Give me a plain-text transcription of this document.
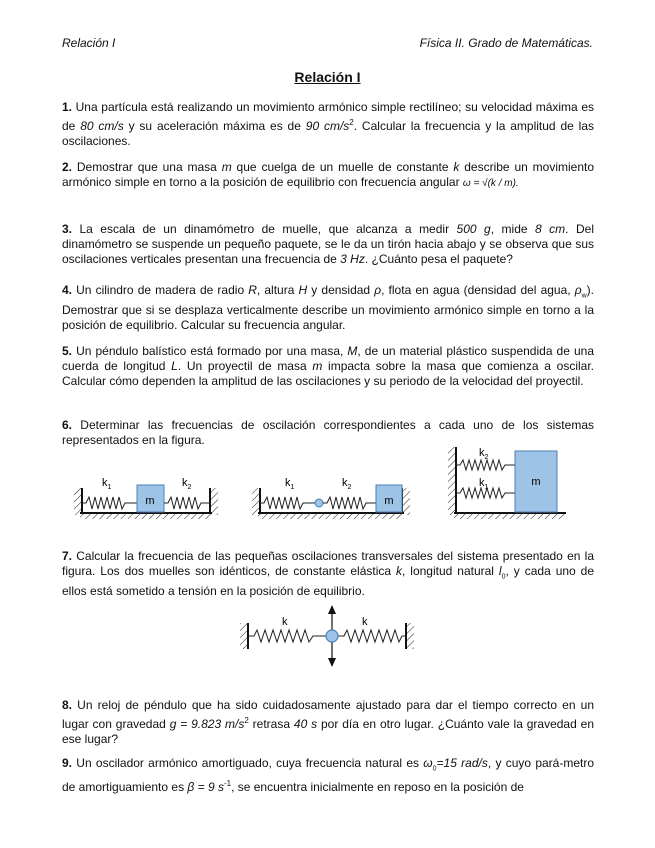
Relación I	Física II. Grado de Matemáticas.
Relación I

1. Una partícula está realizando un movimiento armónico simple rectilíneo; su velocidad máxima es de 80 cm/s y su aceleración máxima es de 90 $cm/s^2$. Calcular la frecuencia y la amplitud de las oscilaciones.

2. Demostrar que una masa m que cuelga de un muelle de constante k describe un movimiento armónico simple en torno a la posición de equilibrio con frecuencia angular ω = √(k / m).

3. La escala de un dinamómetro de muelle, que alcanza a medir 500 g, mide 8 cm. Del dinamómetro se suspende un pequeño paquete, se le da un tirón hacia abajo y se observa que sus oscilaciones verticales presentan una frecuencia de 3 Hz. ¿Cuánto pesa el paquete?

4. Un cilindro de madera de radio R, altura H y densidad ρ, flota en agua (densidad del agua, $\rho_w$). Demostrar que si se desplaza verticalmente describe un movimiento armónico simple en torno a la posición de equilibrio. Calcular su frecuencia angular.

5. Un péndulo balístico está formado por una masa, M, de un material plástico suspendida de una cuerda de longitud L. Un proyectil de masa m impacta sobre la masa que comienza a oscilar. Calcular cómo dependen la amplitud de las oscilaciones y su periodo de la velocidad del proyectil.

6. Determinar las frecuencias de oscilación correspondientes a cada uno de los sistemas representados en la figura.

m
$k_1$	$k_2$
m
$k_1$	$k_2$	m
$k_2$
$k_1$

7. Calcular la frecuencia de las pequeñas oscilaciones transversales del sistema presentado en la figura. Los dos muelles son idénticos, de constante elástica k, longitud natural $l_0$, y cada uno de ellos está sometido a tensión en la posición de equilibrio.

k	k

8. Un reloj de péndulo que ha sido cuidadosamente ajustado para dar el tiempo correcto en un lugar con gravedad g = 9.823 $m/s^2$ retrasa 40 s por día en otro lugar. ¿Cuánto vale la gravedad en ese lugar?

9. Un oscilador armónico amortiguado, cuya frecuencia natural es $\omega_0=15$ rad/s, y cuyo pará-metro de amortiguamiento es β = 9 $s^{-1}$, se encuentra inicialmente en reposo en la posición de
